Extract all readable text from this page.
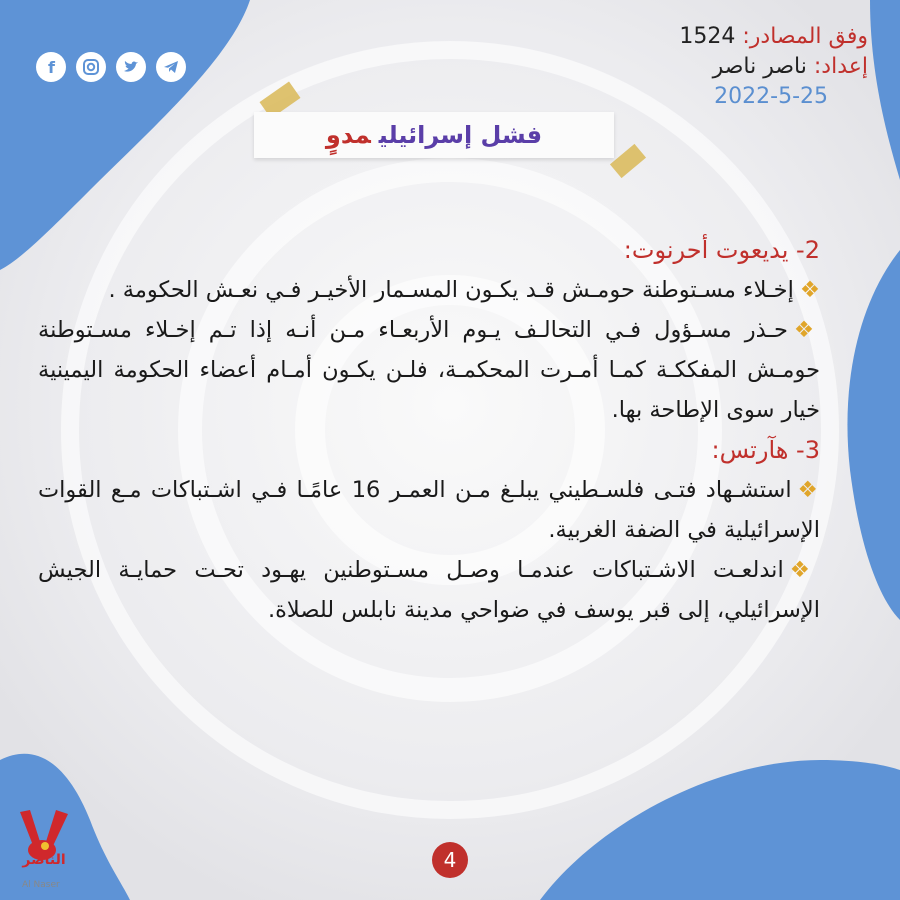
f
وفق المصادر: 1524
إعداد: ناصر ناصر
2022-5-25
فشل إسرائيليمدوٍ
2- يديعوت أحرنوت:

❖إخـلاء مسـتوطنة حومـش قـد يكـون المسـمار الأخيـر فـي نعـش الحكومة .

❖حـذر مسـؤول فـي التحالـف يـوم الأربعـاء مـن أنـه إذا تـم إخـلاء مسـتوطنة حومـش المفككـة كمـا أمـرت المحكمـة، فلـن يكـون أمـام أعضاء الحكومة اليمينية خيار سوى الإطاحة بها.

3- هآرتس:

❖استشـهاد فتـى فلسـطيني يبلـغ مـن العمـر 16 عامًـا فـي اشـتباكات مـع القوات الإسرائيلية في الضفة الغربية.

❖اندلعـت الاشـتباكات عندمـا وصـل مسـتوطنين يهـود تحـت حمايـة الجيش الإسرائيلي، إلى قبر يوسف في ضواحي مدينة نابلس للصلاة.

الناصر
Al Naser
4
